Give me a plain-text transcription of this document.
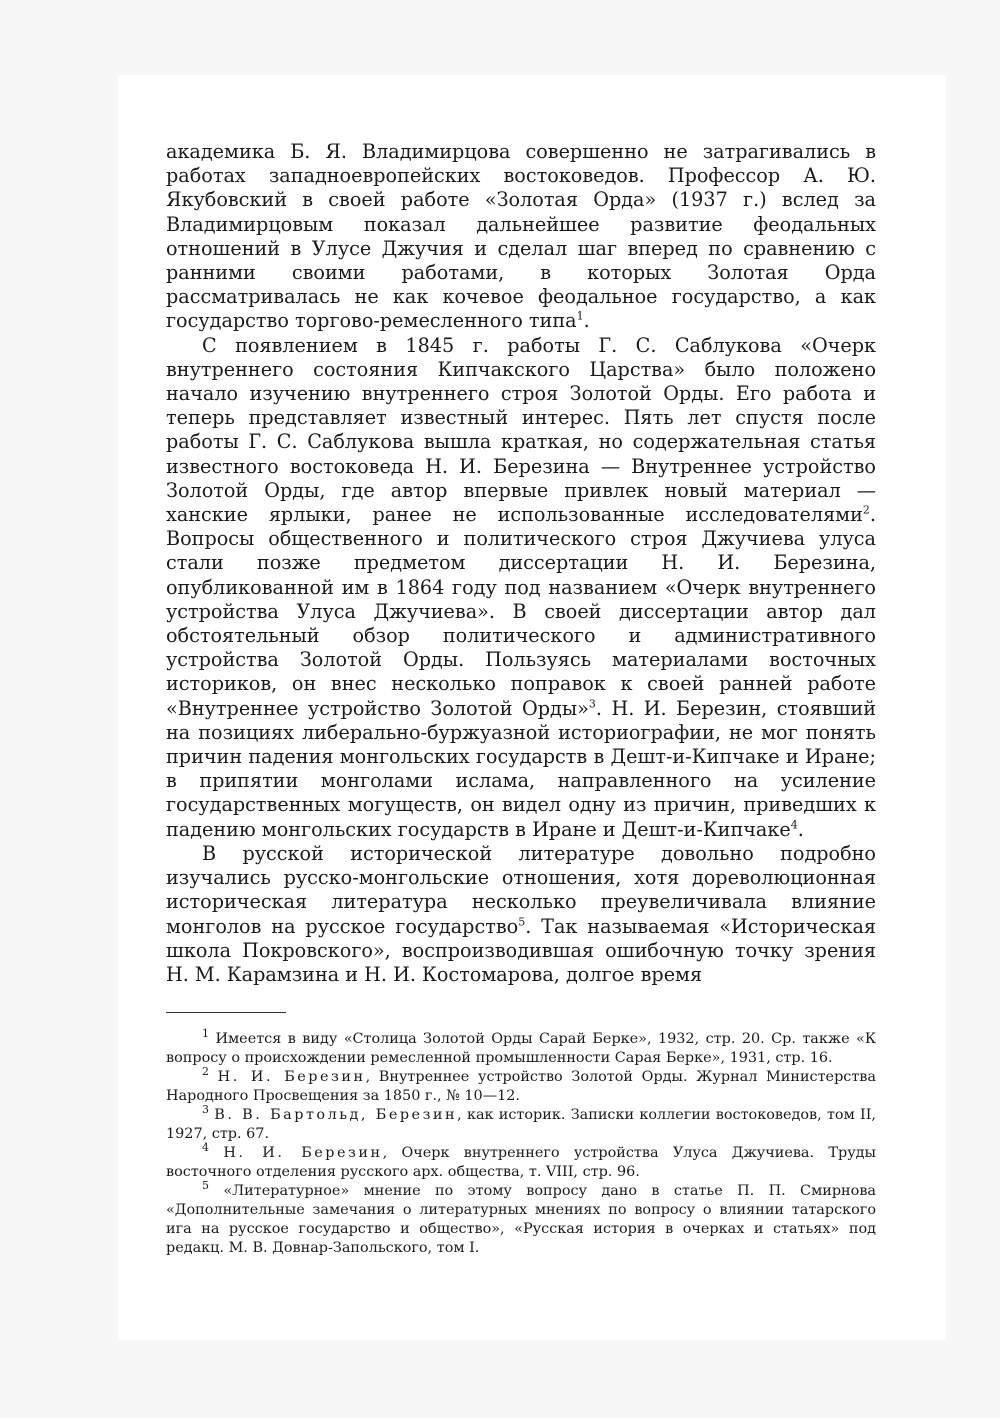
академика Б. Я. Владимирцова совершенно не затрагивались в работах западноевропейских востоковедов. Профессор А. Ю. Якубовский в своей работе «Золотая Орда» (1937 г.) вслед за Владимирцовым показал дальнейшее развитие феодальных отношений в Улусе Джучия и сделал шаг вперед по сравнению с ранними своими работами, в которых Золотая Орда рассматривалась не как кочевое феодальное государство, а как государство торгово-ремесленного типа$^1$.

С появлением в 1845 г. работы Г. С. Саблукова «Очерк внутреннего состояния Кипчакского Царства» было положено начало изучению внутреннего строя Золотой Орды. Его работа и теперь представляет известный интерес. Пять лет спустя после работы Г. С. Саблукова вышла краткая, но содержательная статья известного востоковеда Н. И. Березина — Внутреннее устройство Золотой Орды, где автор впервые привлек новый материал — ханские ярлыки, ранее не использованные исследователями$^2$. Вопросы общественного и политического строя Джучиева улуса стали позже предметом диссертации Н. И. Березина, опубликованной им в 1864 году под названием «Очерк внутреннего устройства Улуса Джучиева». В своей диссертации автор дал обстоятельный обзор политического и административного устройства Золотой Орды. Пользуясь материалами восточных историков, он внес несколько поправок к своей ранней работе «Внутреннее устройство Золотой Орды»$^3$. Н. И. Березин, стоявший на позициях либерально-буржуазной историографии, не мог понять причин падения монгольских государств в Дешт-и-Кипчаке и Иране; в припятии монголами ислама, направленного на усиление государственных могуществ, он видел одну из причин, приведших к падению монгольских государств в Иране и Дешт-и-Кипчаке$^4$.

В русской исторической литературе довольно подробно изучались русско-монгольские отношения, хотя дореволюционная историческая литература несколько преувеличивала влияние монголов на русское государство$^5$. Так называемая «Историческая школа Покровского», воспроизводившая ошибочную точку зрения Н. М. Карамзина и Н. И. Костомарова, долгое время

$^1$ Имеется в виду «Столица Золотой Орды Сарай Берке», 1932, стр. 20. Ср. также «К вопросу о происхождении ремесленной промышленности Сарая Берке», 1931, стр. 16.

$^2$ Н. И. Березин, Внутреннее устройство Золотой Орды. Журнал Министерства Народного Просвещения за 1850 г., № 10—12.

$^3$ В. В. Бартольд, Березин, как историк. Записки коллегии востоковедов, том II, 1927, стр. 67.

$^4$ Н. И. Березин, Очерк внутреннего устройства Улуса Джучиева. Труды восточного отделения русского арх. общества, т. VIII, стр. 96.

$^5$ «Литературное» мнение по этому вопросу дано в статье П. П. Смирнова «Дополнительные замечания о литературных мнениях по вопросу о влиянии татарского ига на русское государство и общество», «Русская история в очерках и статьях» под редакц. М. В. Довнар-Запольского, том I.
